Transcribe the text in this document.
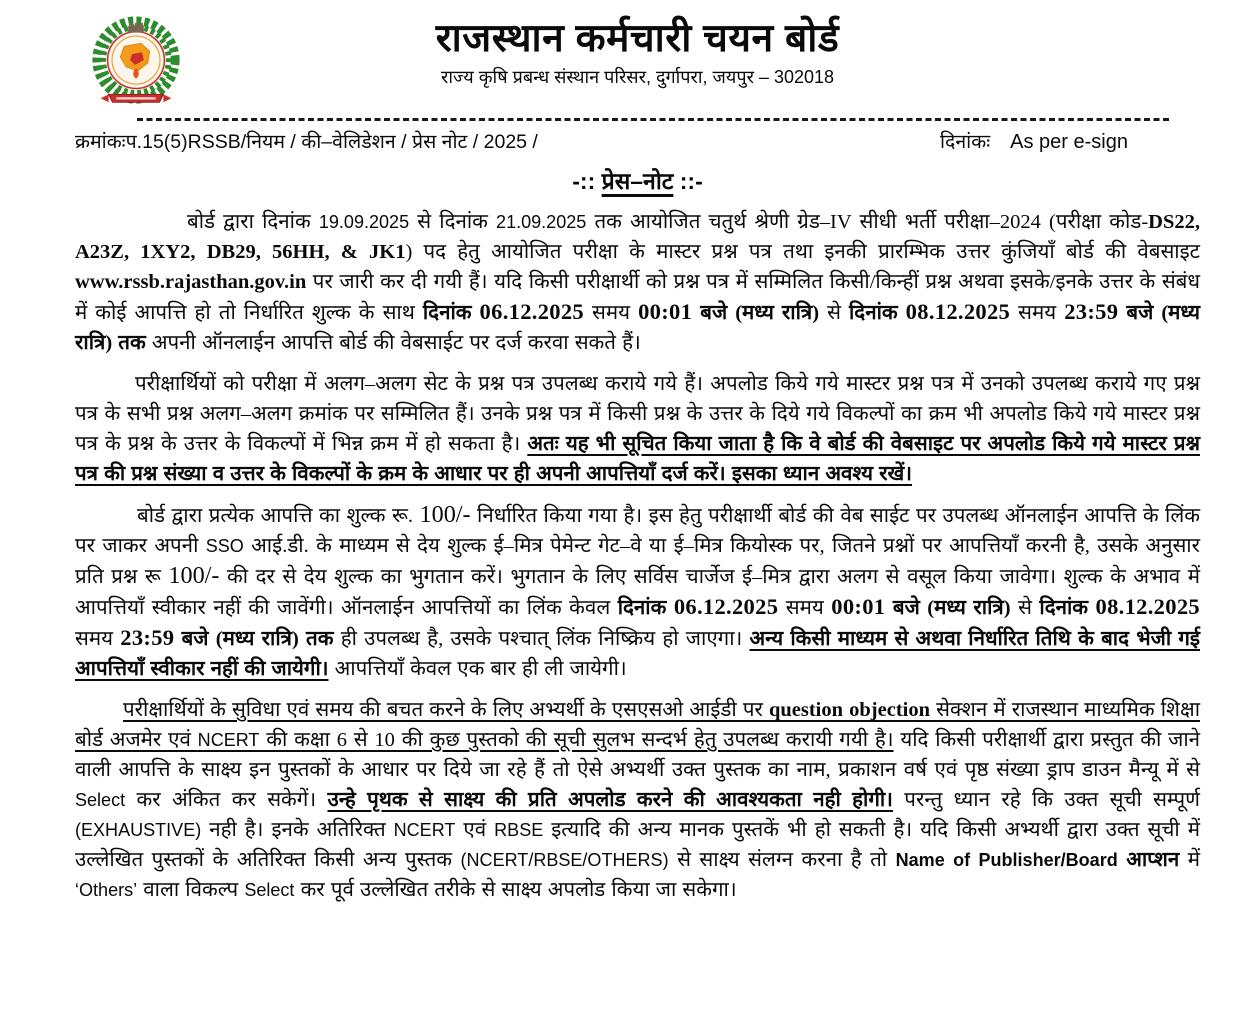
राजस्थान कर्मचारी चयन बोर्ड
राज्य कृषि प्रबन्ध संस्थान परिसर, दुर्गापरा, जयपुर – 302018
क्रमांकःप.15(5)RSSB/नियम / की–वेलिडेशन / प्रेस नोट / 2025 /	दिनांकः As per e-sign
-:: प्रेस–नोट ::-

बोर्ड द्वारा दिनांक 19.09.2025 से दिनांक 21.09.2025 तक आयोजित चतुर्थ श्रेणी ग्रेड–IV सीधी भर्ती परीक्षा–2024 (परीक्षा कोड-DS22, A23Z, 1XY2, DB29, 56HH, & JK1) पद हेतु आयोजित परीक्षा के मास्टर प्रश्न पत्र तथा इनकी प्रारम्भिक उत्तर कुंजियाँ बोर्ड की वेबसाइट www.rssb.rajasthan.gov.in पर जारी कर दी गयी हैं। यदि किसी परीक्षार्थी को प्रश्न पत्र में सम्मिलित किसी/किन्हीं प्रश्न अथवा इसके/इनके उत्तर के संबंध में कोई आपत्ति हो तो निर्धारित शुल्क के साथ दिनांक 06.12.2025 समय 00:01 बजे (मध्य रात्रि) से दिनांक 08.12.2025 समय 23:59 बजे (मध्य रात्रि) तक अपनी ऑनलाईन आपत्ति बोर्ड की वेबसाईट पर दर्ज करवा सकते हैं।

परीक्षार्थियों को परीक्षा में अलग–अलग सेट के प्रश्न पत्र उपलब्ध कराये गये हैं। अपलोड किये गये मास्टर प्रश्न पत्र में उनको उपलब्ध कराये गए प्रश्न पत्र के सभी प्रश्न अलग–अलग क्रमांक पर सम्मिलित हैं। उनके प्रश्न पत्र में किसी प्रश्न के उत्तर के दिये गये विकल्पों का क्रम भी अपलोड किये गये मास्टर प्रश्न पत्र के प्रश्न के उत्तर के विकल्पों में भिन्न क्रम में हो सकता है। अतः यह भी सूचित किया जाता है कि वे बोर्ड की वेबसाइट पर अपलोड किये गये मास्टर प्रश्न पत्र की प्रश्न संख्या व उत्तर के विकल्पों के क्रम के आधार पर ही अपनी आपत्तियाँ दर्ज करें। इसका ध्यान अवश्य रखें।

बोर्ड द्वारा प्रत्येक आपत्ति का शुल्क रू. 100/- निर्धारित किया गया है। इस हेतु परीक्षार्थी बोर्ड की वेब साईट पर उपलब्ध ऑनलाईन आपत्ति के लिंक पर जाकर अपनी SSO आई.डी. के माध्यम से देय शुल्क ई–मित्र पेमेन्ट गेट–वे या ई–मित्र कियोस्क पर, जितने प्रश्नों पर आपत्तियाँ करनी है, उसके अनुसार प्रति प्रश्न रू 100/- की दर से देय शुल्क का भुगतान करें। भुगतान के लिए सर्विस चार्जेज ई–मित्र द्वारा अलग से वसूल किया जावेगा। शुल्क के अभाव में आपत्तियाँ स्वीकार नहीं की जावेंगी। ऑनलाईन आपत्तियों का लिंक केवल दिनांक 06.12.2025 समय 00:01 बजे (मध्य रात्रि) से दिनांक 08.12.2025 समय 23:59 बजे (मध्य रात्रि) तक ही उपलब्ध है, उसके पश्चात् लिंक निष्क्रिय हो जाएगा। अन्य किसी माध्यम से अथवा निर्धारित तिथि के बाद भेजी गई आपत्तियाँ स्वीकार नहीं की जायेगी। आपत्तियाँ केवल एक बार ही ली जायेगी।

परीक्षार्थियों के सुविधा एवं समय की बचत करने के लिए अभ्यर्थी के एसएसओ आईडी पर question objection सेक्शन में राजस्थान माध्यमिक शिक्षा बोर्ड अजमेर एवं NCERT की कक्षा 6 से 10 की कुछ पुस्तको की सूची सुलभ सन्दर्भ हेतु उपलब्ध करायी गयी है। यदि किसी परीक्षार्थी द्वारा प्रस्तुत की जाने वाली आपत्ति के साक्ष्य इन पुस्तकों के आधार पर दिये जा रहे हैं तो ऐसे अभ्यर्थी उक्त पुस्तक का नाम, प्रकाशन वर्ष एवं पृष्ठ संख्या ड्राप डाउन मैन्यू में से Select कर अंकित कर सकेगें। उन्हे पृथक से साक्ष्य की प्रति अपलोड करने की आवश्यकता नही होगी। परन्तु ध्यान रहे कि उक्त सूची सम्पूर्ण (EXHAUSTIVE) नही है। इनके अतिरिक्त NCERT एवं RBSE इत्यादि की अन्य मानक पुस्तकें भी हो सकती है। यदि किसी अभ्यर्थी द्वारा उक्त सूची में उल्लेखित पुस्तकों के अतिरिक्त किसी अन्य पुस्तक (NCERT/RBSE/OTHERS) से साक्ष्य संलग्न करना है तो Name of Publisher/Board आप्शन में ‘Others’ वाला विकल्प Select कर पूर्व उल्लेखित तरीके से साक्ष्य अपलोड किया जा सकेगा।
